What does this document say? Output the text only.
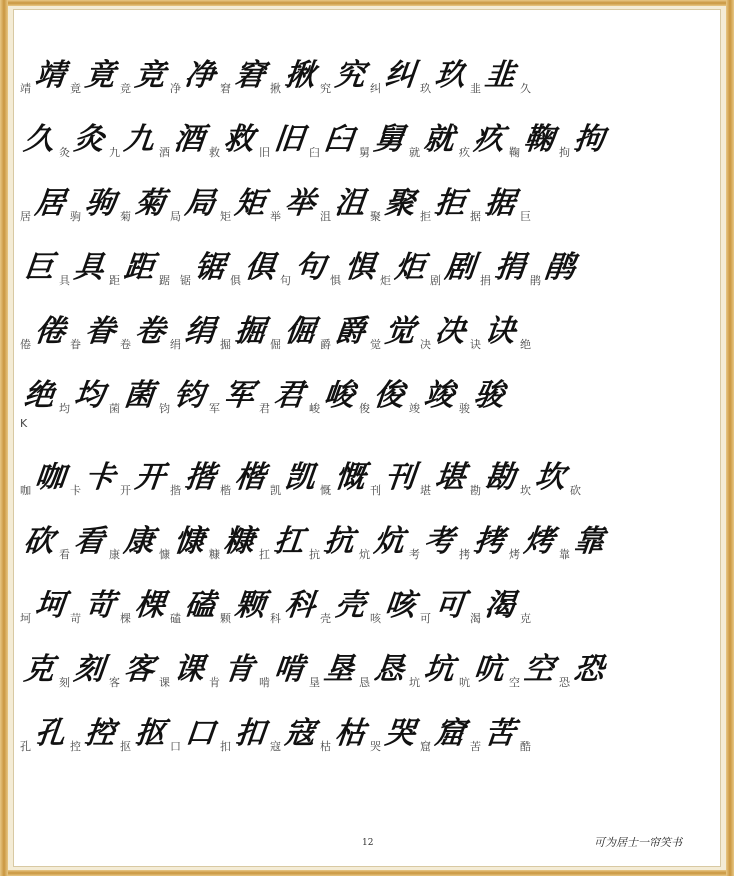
靖 靖 竟 竟 竞 竞 净 净 窘 窘 揪 揪 究 究 纠 纠 玖 玖 韭 韭 久
久 灸 灸 九 九 酒 酒 救 救 旧 旧 臼 臼 舅 舅 就 就 疚 疚 鞠 鞠 拘 拘
居 居 驹 驹 菊 菊 局 局 矩 矩 举 举 沮 沮 聚 聚 拒 拒 据 据 巨
巨 具 具 距 距 踞 锯 锯 俱 俱 句 句 惧 惧 炬 炬 剧 剧 捐 捐 鹃 鹃
倦 倦 眷 眷 卷 卷 绢 绢 掘 掘 倔 倔 爵 爵 觉 觉 决 决 诀 诀 绝
绝 均 均 菌 菌 钧 钧 军 军 君 君 峻 峻 俊 俊 竣 竣 骏 骏
K
咖 咖 卡 卡 开 开 揩 揩 楷 楷 凯 凯 慨 慨 刊 刊 堪 堪 勘 勘 坎 坎 砍
砍 看 看 康 康 慷 慷 糠 糠 扛 扛 抗 抗 炕 炕 考 考 拷 拷 烤 烤 靠 靠
坷 坷 苛 苛 棵 棵 磕 磕 颗 颗 科 科 壳 壳 咳 咳 可 可 渴 渴 克
克 刻 刻 客 客 课 课 肯 肯 啃 啃 垦 垦 恳 恳 坑 坑 吭 吭 空 空 恐 恐
孔 孔 控 控 抠 抠 口 口 扣 扣 寇 寇 枯 枯 哭 哭 窟 窟 苦 苦 酷
12	可为居士一帘笑书
